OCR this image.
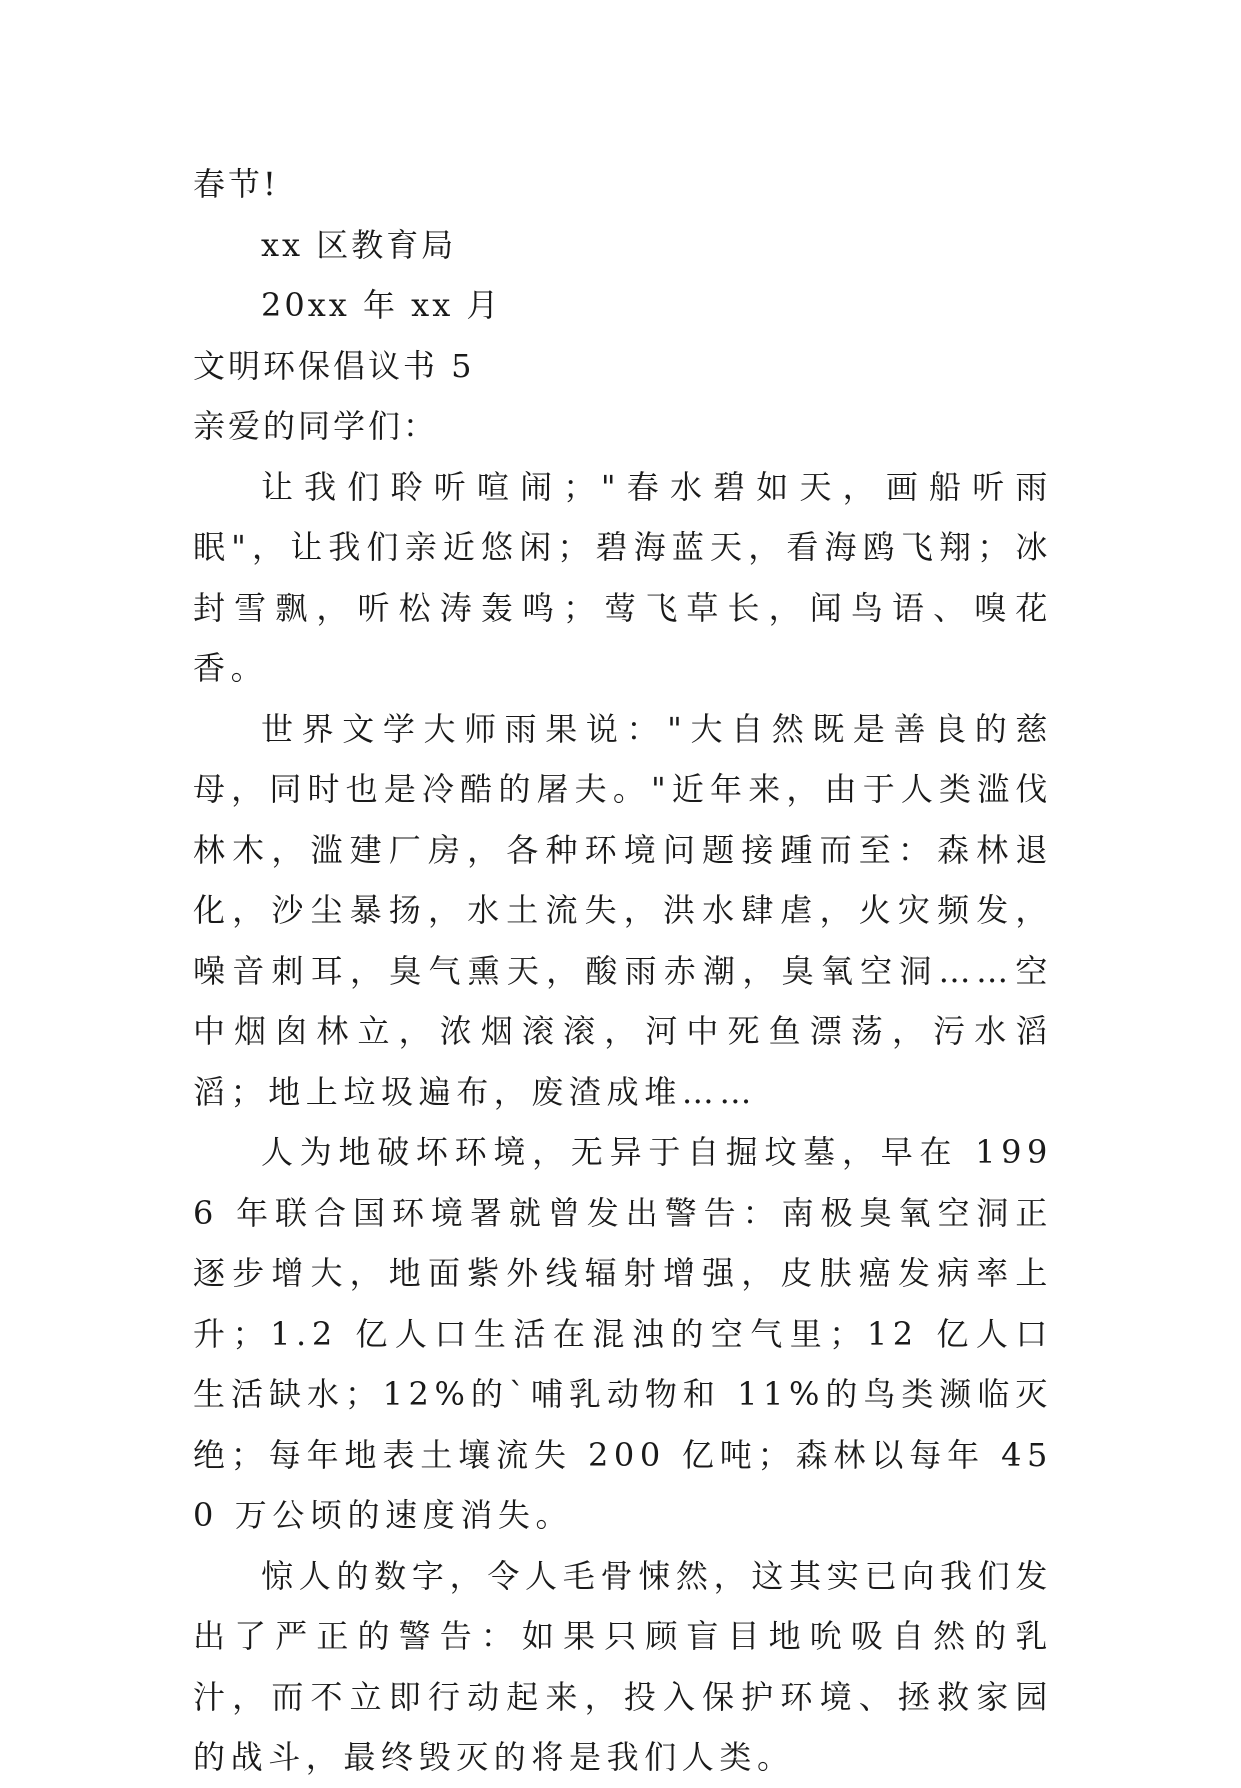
春节!

xx 区教育局

20xx 年 xx 月

文明环保倡议书 5

亲爱的同学们：

让我们聆听喧闹；"春水碧如天，画船听雨眠"，让我们亲近悠闲；碧海蓝天，看海鸥飞翔；冰封雪飘，听松涛轰鸣；莺飞草长，闻鸟语、嗅花香。

世界文学大师雨果说："大自然既是善良的慈母，同时也是冷酷的屠夫。"近年来，由于人类滥伐林木，滥建厂房，各种环境问题接踵而至：森林退化，沙尘暴扬，水土流失，洪水肆虐，火灾频发，噪音刺耳，臭气熏天，酸雨赤潮，臭氧空洞……空中烟囱林立，浓烟滚滚，河中死鱼漂荡，污水滔滔；地上垃圾遍布，废渣成堆……

人为地破坏环境，无异于自掘坟墓，早在 1996 年联合国环境署就曾发出警告：南极臭氧空洞正逐步增大，地面紫外线辐射增强，皮肤癌发病率上升；1.2 亿人口生活在混浊的空气里；12 亿人口生活缺水；12%的`哺乳动物和 11%的鸟类濒临灭绝；每年地表土壤流失 200 亿吨；森林以每年 450 万公顷的速度消失。

惊人的数字，令人毛骨悚然，这其实已向我们发出了严正的警告：如果只顾盲目地吮吸自然的乳汁，而不立即行动起来，投入保护环境、拯救家园的战斗，最终毁灭的将是我们人类。
